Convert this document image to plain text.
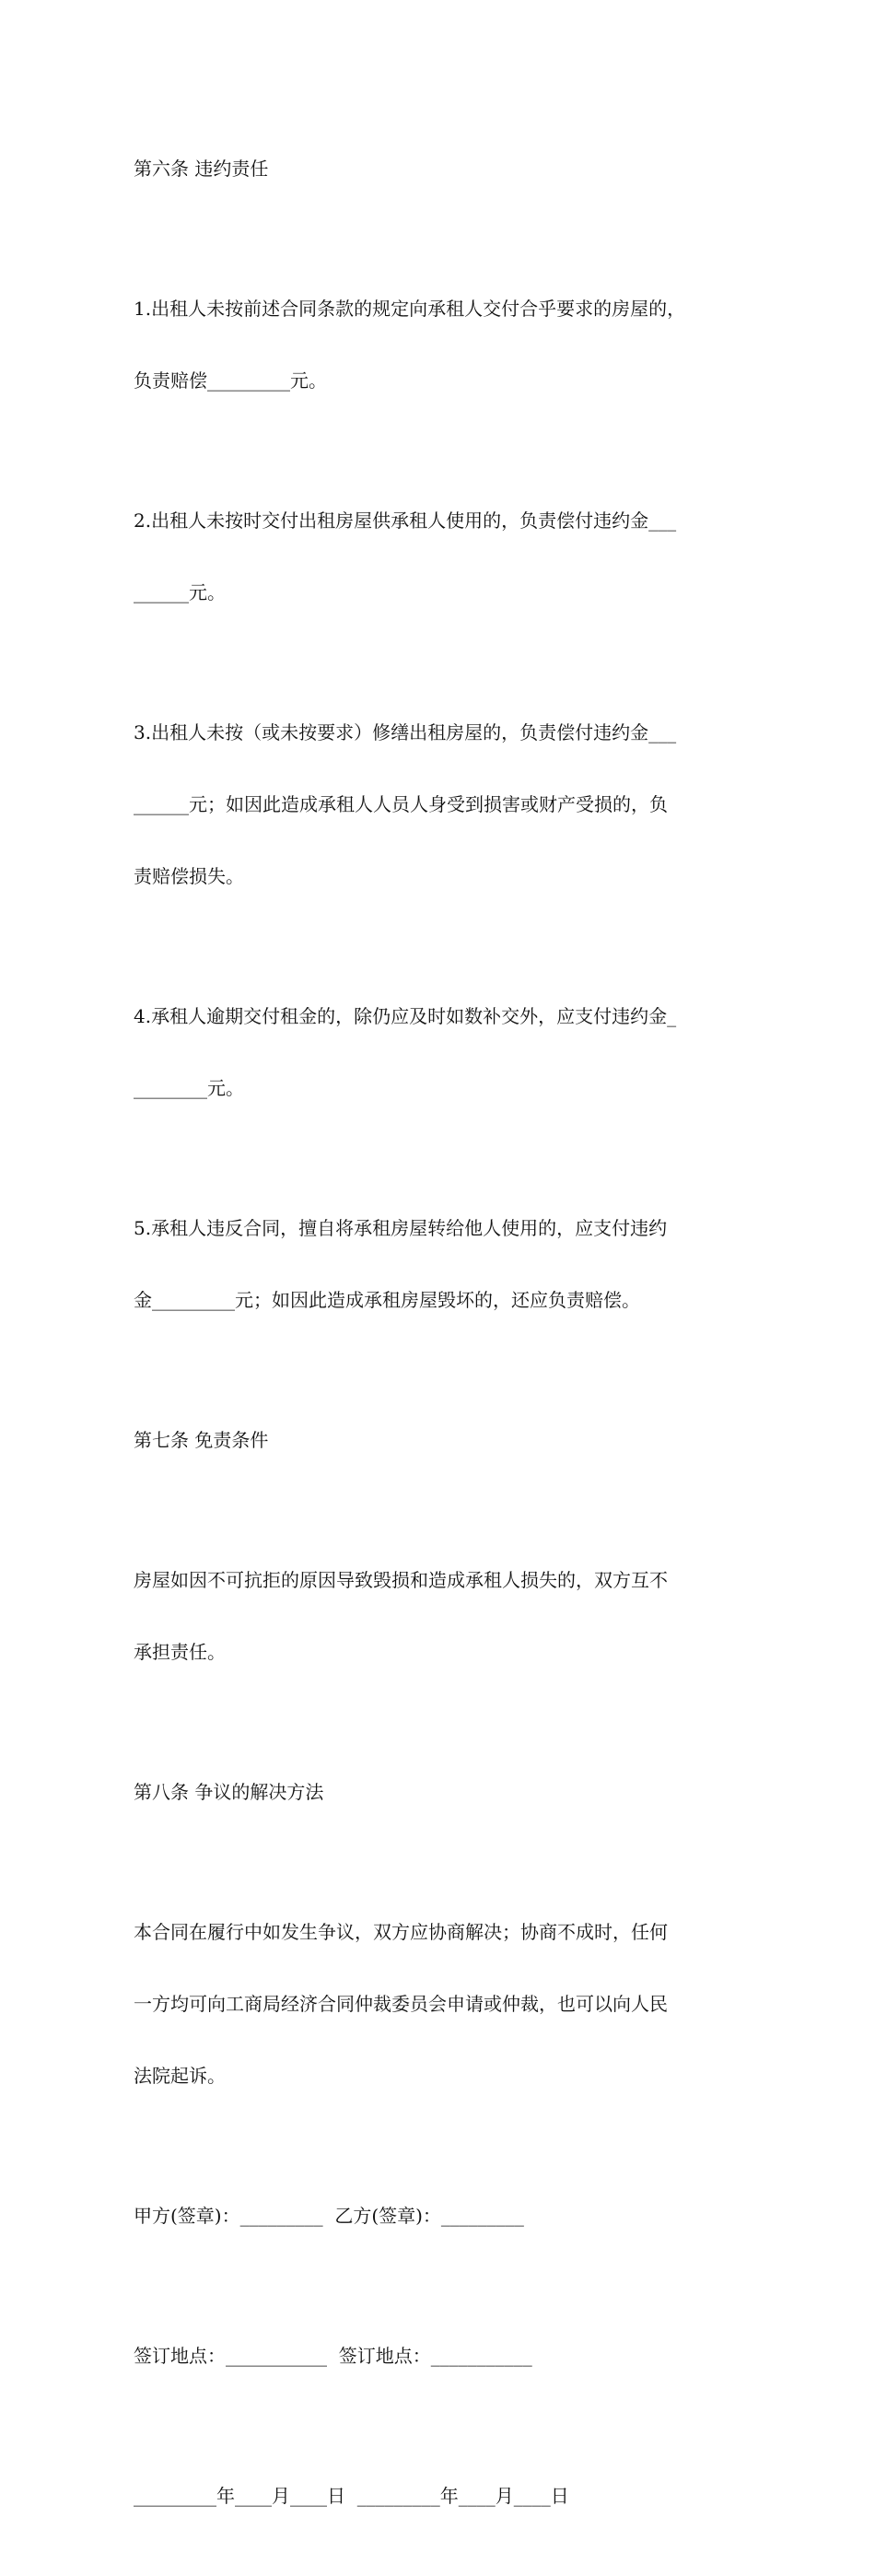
第六条 违约责任

1.出租人未按前述合同条款的规定向承租人交付合乎要求的房屋的，

负责赔偿_________元。

2.出租人未按时交付出租房屋供承租人使用的，负责偿付违约金___

______元。

3.出租人未按（或未按要求）修缮出租房屋的，负责偿付违约金___

______元；如因此造成承租人人员人身受到损害或财产受损的，负

责赔偿损失。

4.承租人逾期交付租金的，除仍应及时如数补交外，应支付违约金_

________元。

5.承租人违反合同，擅自将承租房屋转给他人使用的，应支付违约

金_________元；如因此造成承租房屋毁坏的，还应负责赔偿。

第七条 免责条件

房屋如因不可抗拒的原因导致毁损和造成承租人损失的，双方互不

承担责任。

第八条 争议的解决方法

本合同在履行中如发生争议，双方应协商解决；协商不成时，任何

一方均可向工商局经济合同仲裁委员会申请或仲裁，也可以向人民

法院起诉。

甲方(签章)：_________  乙方(签章)：_________

签订地点：___________  签订地点：___________

_________年____月____日  _________年____月____日
